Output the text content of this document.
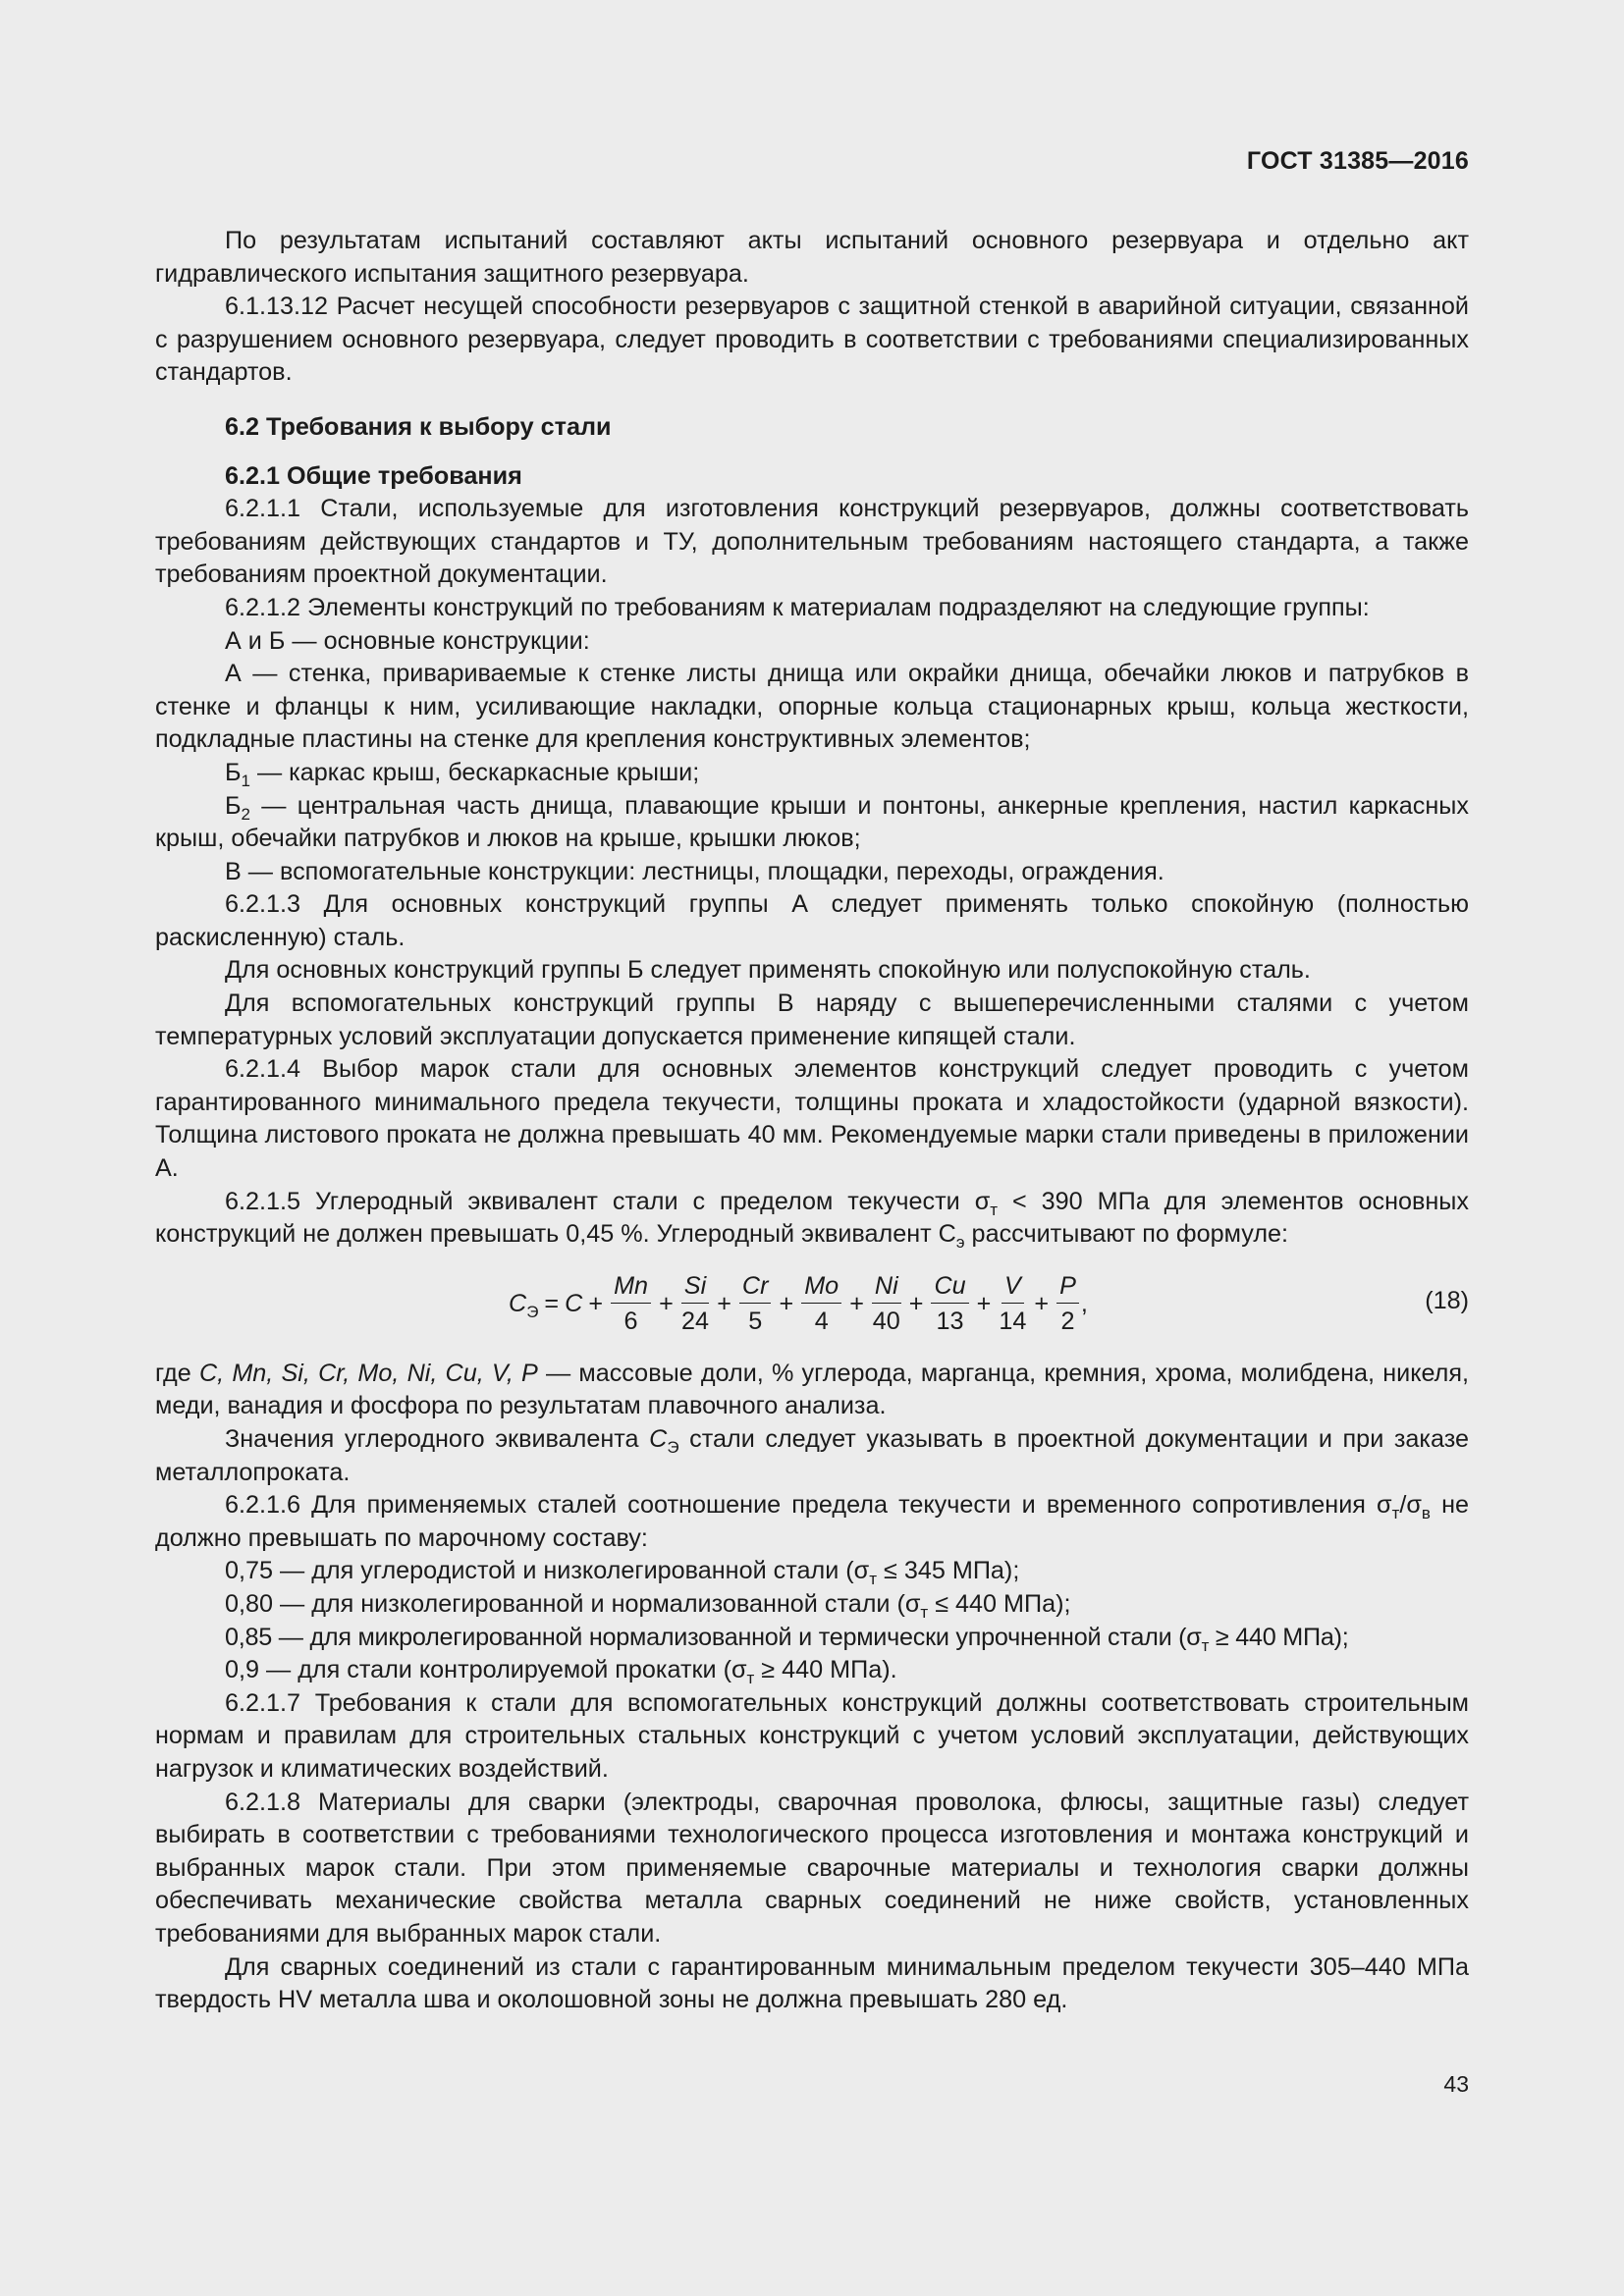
ГОСТ 31385—2016

По результатам испытаний составляют акты испытаний основного резервуара и отдельно акт гидравлического испытания защитного резервуара.

6.1.13.12 Расчет несущей способности резервуаров с защитной стенкой в аварийной ситуации, связанной с разрушением основного резервуара, следует проводить в соответствии с требованиями специализированных стандартов.

6.2 Требования к выбору стали

6.2.1 Общие требования

6.2.1.1 Стали, используемые для изготовления конструкций резервуаров, должны соответствовать требованиям действующих стандартов и ТУ, дополнительным требованиям настоящего стандарта, а также требованиям проектной документации.

6.2.1.2 Элементы конструкций по требованиям к материалам подразделяют на следующие группы:

А и Б — основные конструкции:

А — стенка, привариваемые к стенке листы днища или окрайки днища, обечайки люков и патрубков в стенке и фланцы к ним, усиливающие накладки, опорные кольца стационарных крыш, кольца жесткости, подкладные пластины на стенке для крепления конструктивных элементов;

$Б_1$ — каркас крыш, бескаркасные крыши;

$Б_2$ — центральная часть днища, плавающие крыши и понтоны, анкерные крепления, настил каркасных крыш, обечайки патрубков и люков на крыше, крышки люков;

В — вспомогательные конструкции: лестницы, площадки, переходы, ограждения.

6.2.1.3 Для основных конструкций группы А следует применять только спокойную (полностью раскисленную) сталь.

Для основных конструкций группы Б следует применять спокойную или полуспокойную сталь.

Для вспомогательных конструкций группы В наряду с вышеперечисленными сталями с учетом температурных условий эксплуатации допускается применение кипящей стали.

6.2.1.4 Выбор марок стали для основных элементов конструкций следует проводить с учетом гарантированного минимального предела текучести, толщины проката и хладостойкости (ударной вязкости). Толщина листового проката не должна превышать 40 мм. Рекомендуемые марки стали приведены в приложении А.

6.2.1.5 Углеродный эквивалент стали с пределом текучести $\sigma_т < 390$ МПа для элементов основных конструкций не должен превышать 0,45 %. Углеродный эквивалент $С_э$ рассчитывают по формуле:

$C_Э = C + \frac{Mn}{6} + \frac{Si}{24} + \frac{Cr}{5} + \frac{Mo}{4} + \frac{Ni}{40} + \frac{Cu}{13} + \frac{V}{14} + \frac{P}{2}$ ,	(18)

где C, Mn, Si, Cr, Mo, Ni, Cu, V, P — массовые доли, % углерода, марганца, кремния, хрома, молибдена, никеля, меди, ванадия и фосфора по результатам плавочного анализа.

Значения углеродного эквивалента $C_Э$ стали следует указывать в проектной документации и при заказе металлопроката.

6.2.1.6 Для применяемых сталей соотношение предела текучести и временного сопротивления $\sigma_т/\sigma_в$ не должно превышать по марочному составу:

0,75 — для углеродистой и низколегированной стали ($\sigma_т \le 345$ МПа);

0,80 — для низколегированной и нормализованной стали ($\sigma_т \le 440$ МПа);

0,85 — для микролегированной нормализованной и термически упрочненной стали ($\sigma_т \ge 440$ МПа);

0,9 — для стали контролируемой прокатки ($\sigma_т \ge 440$ МПа).

6.2.1.7 Требования к стали для вспомогательных конструкций должны соответствовать строительным нормам и правилам для строительных стальных конструкций с учетом условий эксплуатации, действующих нагрузок и климатических воздействий.

6.2.1.8 Материалы для сварки (электроды, сварочная проволока, флюсы, защитные газы) следует выбирать в соответствии с требованиями технологического процесса изготовления и монтажа конструкций и выбранных марок стали. При этом применяемые сварочные материалы и технология сварки должны обеспечивать механические свойства металла сварных соединений не ниже свойств, установленных требованиями для выбранных марок стали.

Для сварных соединений из стали с гарантированным минимальным пределом текучести 305–440 МПа твердость HV металла шва и околошовной зоны не должна превышать 280 ед.

43
